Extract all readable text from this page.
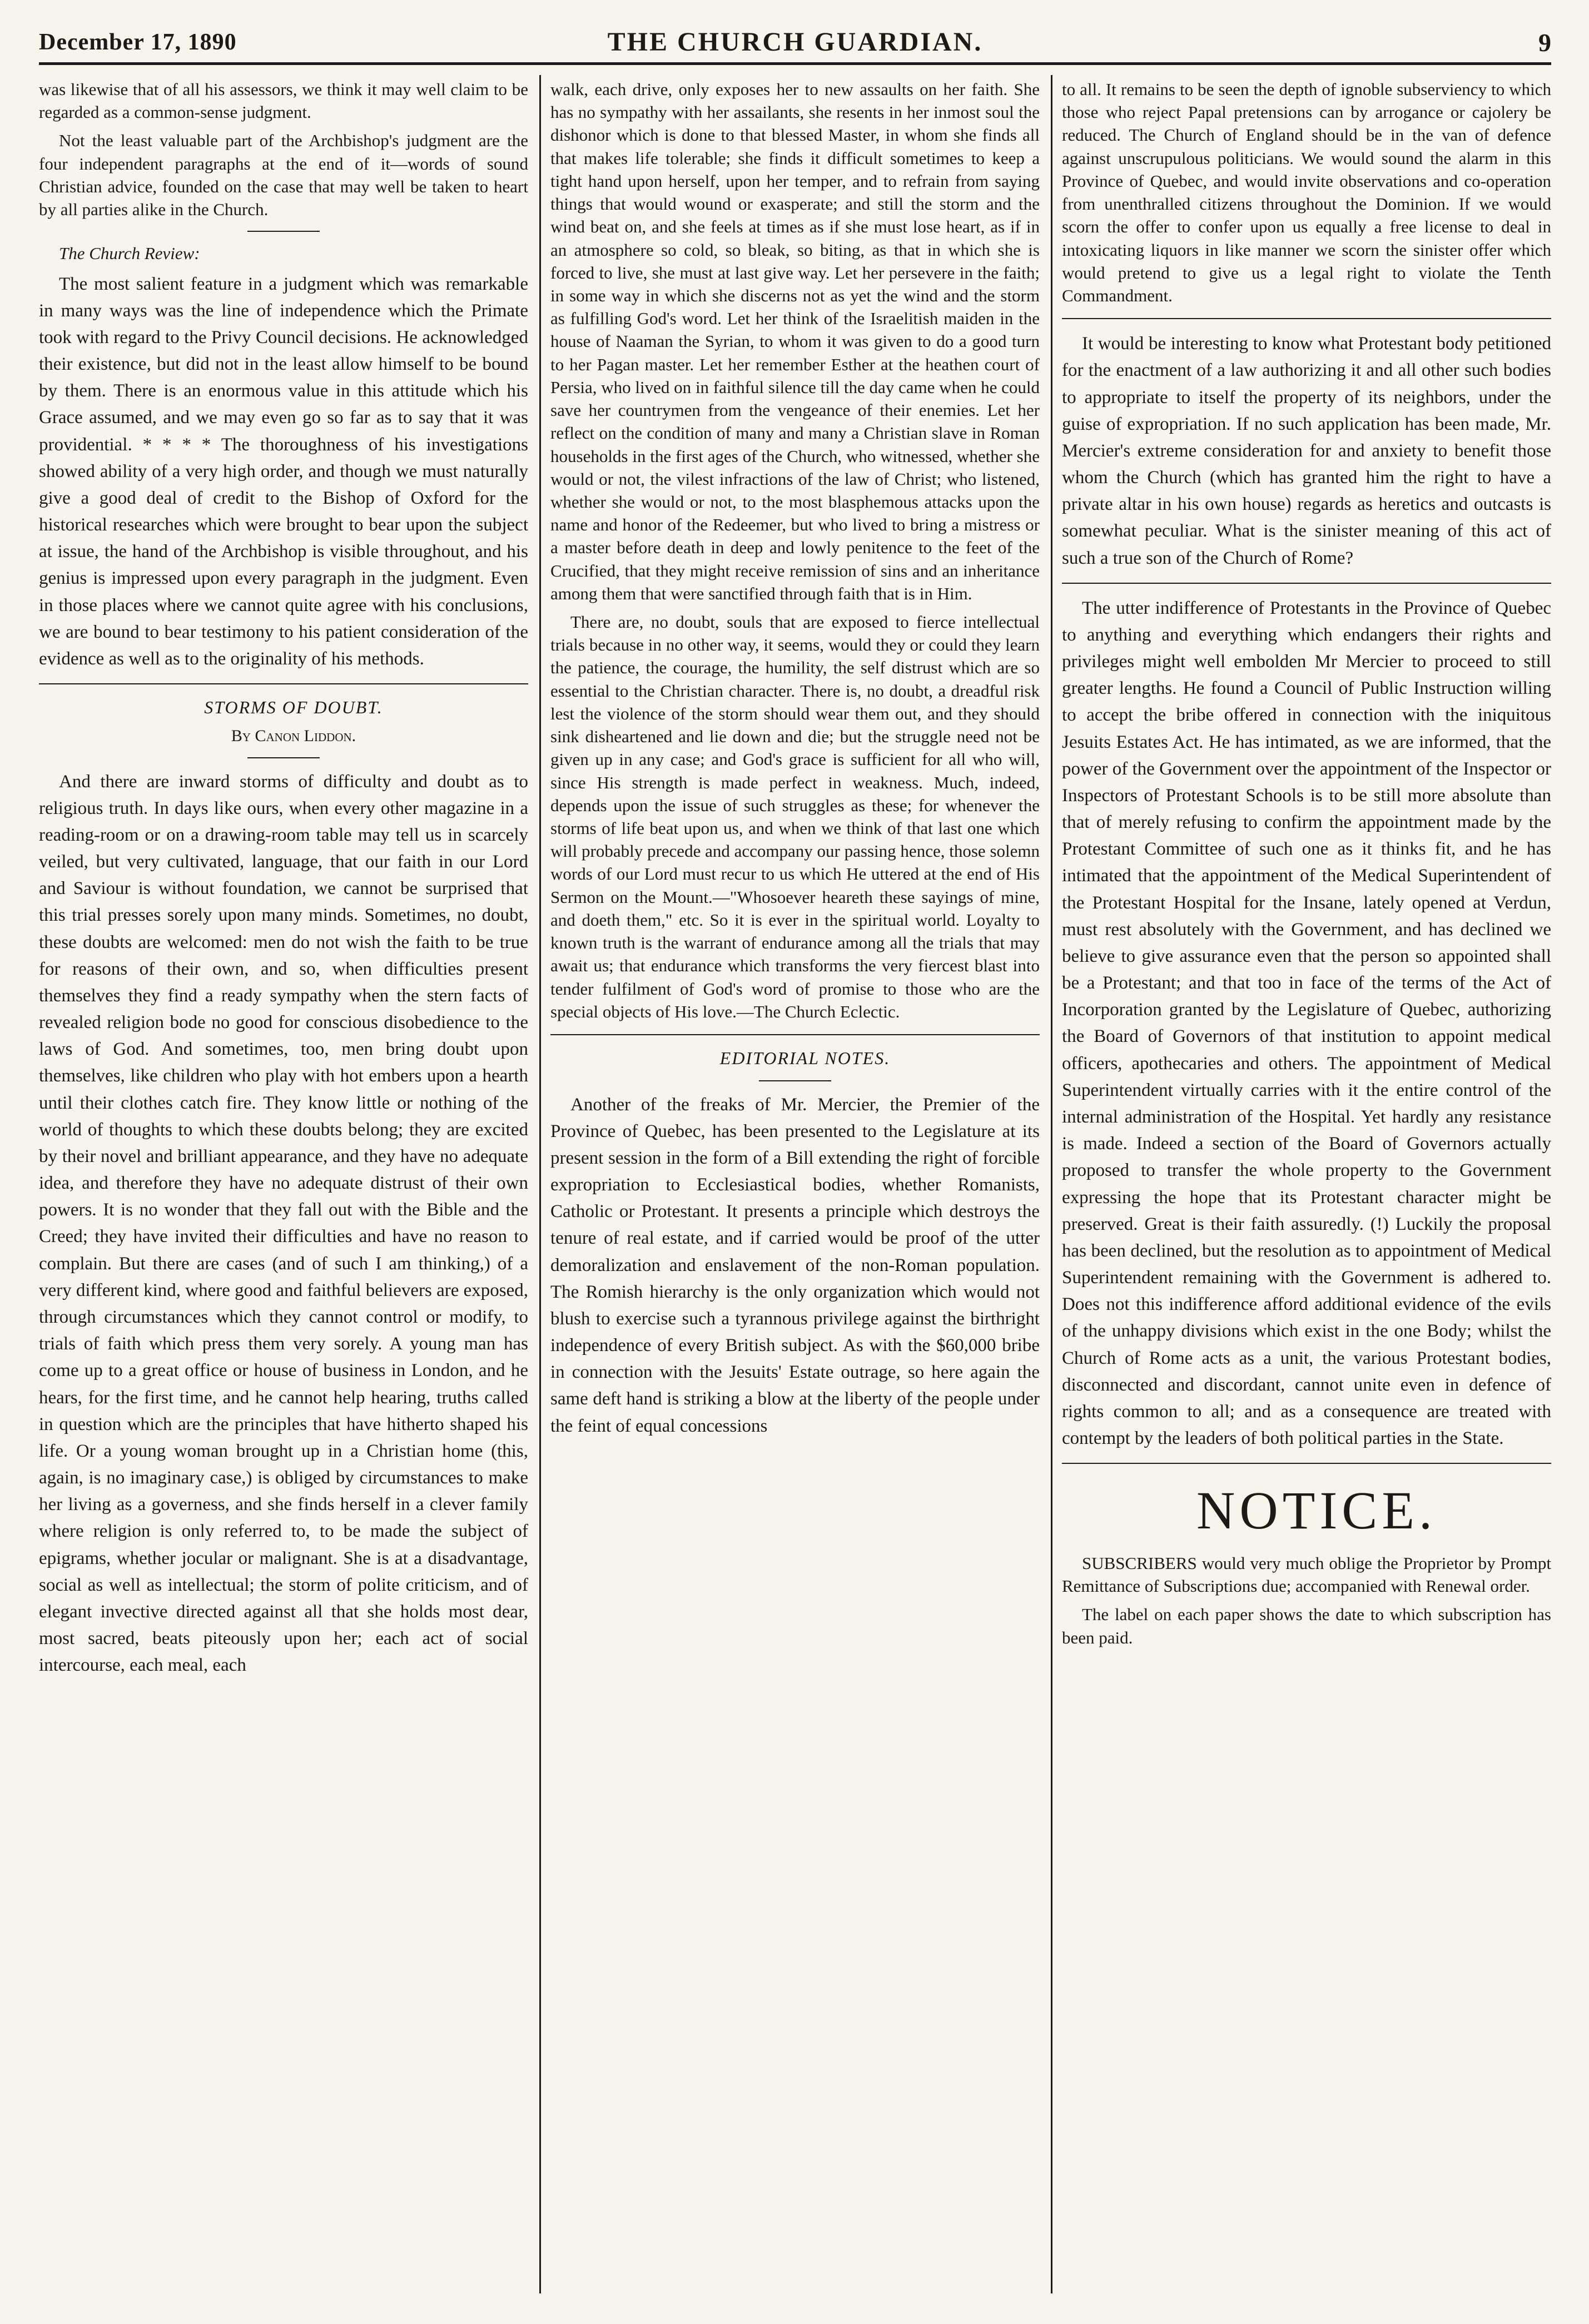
December 17, 1890	THE CHURCH GUARDIAN.	9

was likewise that of all his assessors, we think it may well claim to be regarded as a common-sense judgment.

Not the least valuable part of the Archbishop's judgment are the four independent paragraphs at the end of it—words of sound Christian advice, founded on the case that may well be taken to heart by all parties alike in the Church.

The Church Review:

The most salient feature in a judgment which was remarkable in many ways was the line of independence which the Primate took with regard to the Privy Council decisions. He acknowledged their existence, but did not in the least allow himself to be bound by them. There is an enormous value in this attitude which his Grace assumed, and we may even go so far as to say that it was providential. * * * * The thoroughness of his investigations showed ability of a very high order, and though we must naturally give a good deal of credit to the Bishop of Oxford for the historical researches which were brought to bear upon the subject at issue, the hand of the Archbishop is visible throughout, and his genius is impressed upon every paragraph in the judgment. Even in those places where we cannot quite agree with his conclusions, we are bound to bear testimony to his patient consideration of the evidence as well as to the originality of his methods.

STORMS OF DOUBT.

By Canon Liddon.

And there are inward storms of difficulty and doubt as to religious truth. In days like ours, when every other magazine in a reading-room or on a drawing-room table may tell us in scarcely veiled, but very cultivated, language, that our faith in our Lord and Saviour is without foundation, we cannot be surprised that this trial presses sorely upon many minds. Sometimes, no doubt, these doubts are welcomed: men do not wish the faith to be true for reasons of their own, and so, when difficulties present themselves they find a ready sympathy when the stern facts of revealed religion bode no good for conscious disobedience to the laws of God. And sometimes, too, men bring doubt upon themselves, like children who play with hot embers upon a hearth until their clothes catch fire. They know little or nothing of the world of thoughts to which these doubts belong; they are excited by their novel and brilliant appearance, and they have no adequate idea, and therefore they have no adequate distrust of their own powers. It is no wonder that they fall out with the Bible and the Creed; they have invited their difficulties and have no reason to complain. But there are cases (and of such I am thinking,) of a very different kind, where good and faithful believers are exposed, through circumstances which they cannot control or modify, to trials of faith which press them very sorely. A young man has come up to a great office or house of business in London, and he hears, for the first time, and he cannot help hearing, truths called in question which are the principles that have hitherto shaped his life. Or a young woman brought up in a Christian home (this, again, is no imaginary case,) is obliged by circumstances to make her living as a governess, and she finds herself in a clever family where religion is only referred to, to be made the subject of epigrams, whether jocular or malignant. She is at a disadvantage, social as well as intellectual; the storm of polite criticism, and of elegant invective directed against all that she holds most dear, most sacred, beats piteously upon her; each act of social intercourse, each meal, each

walk, each drive, only exposes her to new assaults on her faith. She has no sympathy with her assailants, she resents in her inmost soul the dishonor which is done to that blessed Master, in whom she finds all that makes life tolerable; she finds it difficult sometimes to keep a tight hand upon herself, upon her temper, and to refrain from saying things that would wound or exasperate; and still the storm and the wind beat on, and she feels at times as if she must lose heart, as if in an atmosphere so cold, so bleak, so biting, as that in which she is forced to live, she must at last give way. Let her persevere in the faith; in some way in which she discerns not as yet the wind and the storm as fulfilling God's word. Let her think of the Israelitish maiden in the house of Naaman the Syrian, to whom it was given to do a good turn to her Pagan master. Let her remember Esther at the heathen court of Persia, who lived on in faithful silence till the day came when he could save her countrymen from the vengeance of their enemies. Let her reflect on the condition of many and many a Christian slave in Roman households in the first ages of the Church, who witnessed, whether she would or not, the vilest infractions of the law of Christ; who listened, whether she would or not, to the most blasphemous attacks upon the name and honor of the Redeemer, but who lived to bring a mistress or a master before death in deep and lowly penitence to the feet of the Crucified, that they might receive remission of sins and an inheritance among them that were sanctified through faith that is in Him.

There are, no doubt, souls that are exposed to fierce intellectual trials because in no other way, it seems, would they or could they learn the patience, the courage, the humility, the self distrust which are so essential to the Christian character. There is, no doubt, a dreadful risk lest the violence of the storm should wear them out, and they should sink disheartened and lie down and die; but the struggle need not be given up in any case; and God's grace is sufficient for all who will, since His strength is made perfect in weakness. Much, indeed, depends upon the issue of such struggles as these; for whenever the storms of life beat upon us, and when we think of that last one which will probably precede and accompany our passing hence, those solemn words of our Lord must recur to us which He uttered at the end of His Sermon on the Mount.—"Whosoever heareth these sayings of mine, and doeth them," etc. So it is ever in the spiritual world. Loyalty to known truth is the warrant of endurance among all the trials that may await us; that endurance which transforms the very fiercest blast into tender fulfilment of God's word of promise to those who are the special objects of His love.—The Church Eclectic.

EDITORIAL NOTES.

Another of the freaks of Mr. Mercier, the Premier of the Province of Quebec, has been presented to the Legislature at its present session in the form of a Bill extending the right of forcible expropriation to Ecclesiastical bodies, whether Romanists, Catholic or Protestant. It presents a principle which destroys the tenure of real estate, and if carried would be proof of the utter demoralization and enslavement of the non-Roman population. The Romish hierarchy is the only organization which would not blush to exercise such a tyrannous privilege against the birthright independence of every British subject. As with the $60,000 bribe in connection with the Jesuits' Estate outrage, so here again the same deft hand is striking a blow at the liberty of the people under the feint of equal concessions

to all. It remains to be seen the depth of ignoble subserviency to which those who reject Papal pretensions can by arrogance or cajolery be reduced. The Church of England should be in the van of defence against unscrupulous politicians. We would sound the alarm in this Province of Quebec, and would invite observations and co-operation from unenthralled citizens throughout the Dominion. If we would scorn the offer to confer upon us equally a free license to deal in intoxicating liquors in like manner we scorn the sinister offer which would pretend to give us a legal right to violate the Tenth Commandment.

It would be interesting to know what Protestant body petitioned for the enactment of a law authorizing it and all other such bodies to appropriate to itself the property of its neighbors, under the guise of expropriation. If no such application has been made, Mr. Mercier's extreme consideration for and anxiety to benefit those whom the Church (which has granted him the right to have a private altar in his own house) regards as heretics and outcasts is somewhat peculiar. What is the sinister meaning of this act of such a true son of the Church of Rome?

The utter indifference of Protestants in the Province of Quebec to anything and everything which endangers their rights and privileges might well embolden Mr Mercier to proceed to still greater lengths. He found a Council of Public Instruction willing to accept the bribe offered in connection with the iniquitous Jesuits Estates Act. He has intimated, as we are informed, that the power of the Government over the appointment of the Inspector or Inspectors of Protestant Schools is to be still more absolute than that of merely refusing to confirm the appointment made by the Protestant Committee of such one as it thinks fit, and he has intimated that the appointment of the Medical Superintendent of the Protestant Hospital for the Insane, lately opened at Verdun, must rest absolutely with the Government, and has declined we believe to give assurance even that the person so appointed shall be a Protestant; and that too in face of the terms of the Act of Incorporation granted by the Legislature of Quebec, authorizing the Board of Governors of that institution to appoint medical officers, apothecaries and others. The appointment of Medical Superintendent virtually carries with it the entire control of the internal administration of the Hospital. Yet hardly any resistance is made. Indeed a section of the Board of Governors actually proposed to transfer the whole property to the Government expressing the hope that its Protestant character might be preserved. Great is their faith assuredly. (!) Luckily the proposal has been declined, but the resolution as to appointment of Medical Superintendent remaining with the Government is adhered to. Does not this indifference afford additional evidence of the evils of the unhappy divisions which exist in the one Body; whilst the Church of Rome acts as a unit, the various Protestant bodies, disconnected and discordant, cannot unite even in defence of rights common to all; and as a consequence are treated with contempt by the leaders of both political parties in the State.

NOTICE.

SUBSCRIBERS would very much oblige the Proprietor by Prompt Remittance of Subscriptions due; accompanied with Renewal order.

The label on each paper shows the date to which subscription has been paid.
